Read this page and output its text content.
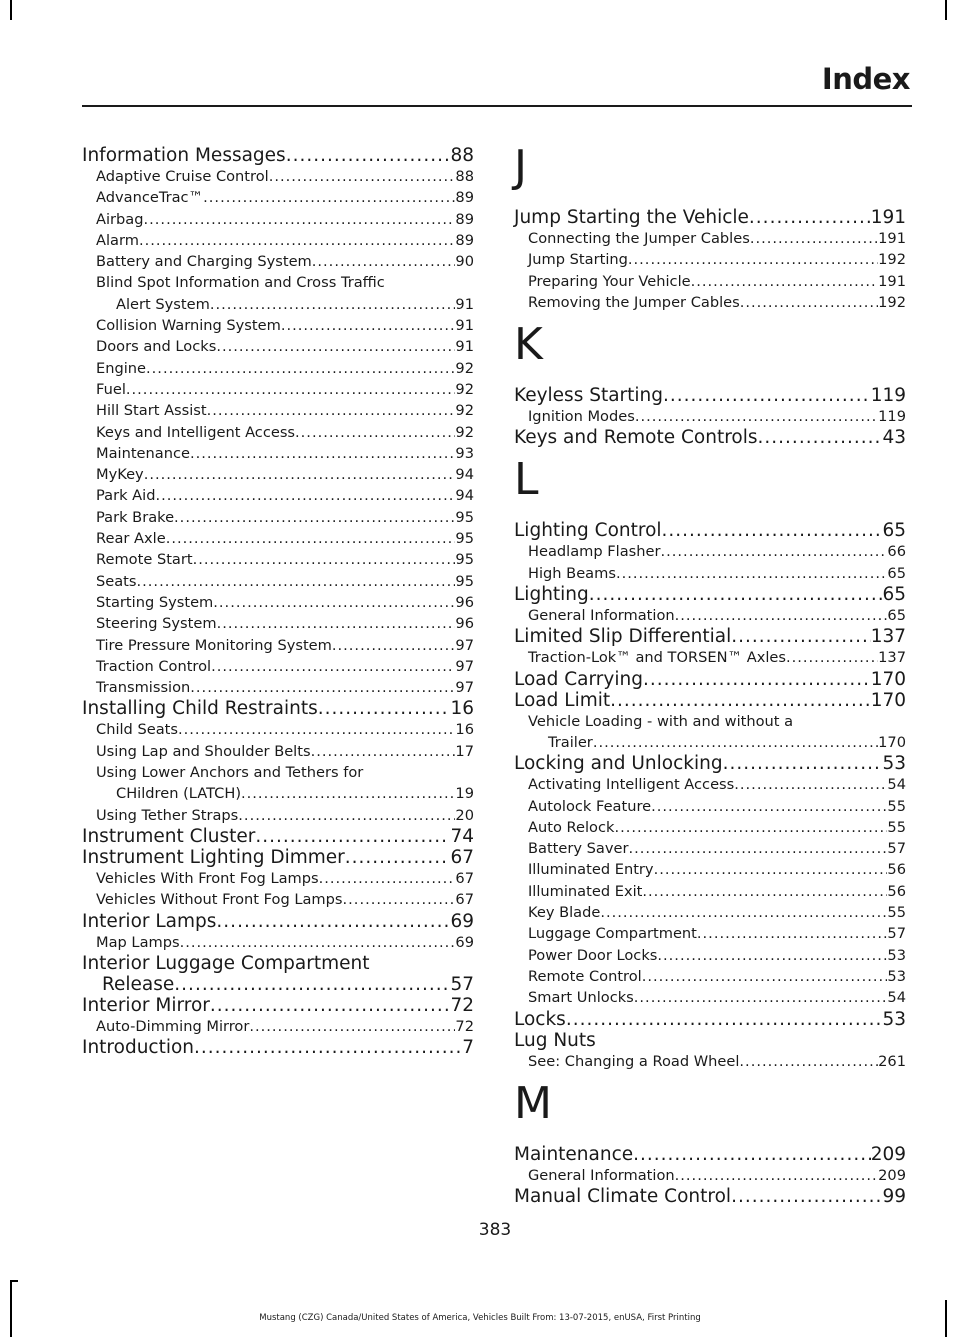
Index
Information Messages .....	88
Adaptive Cruise Control .....	88
AdvanceTrac™ .....	89
Airbag .....	89
Alarm .....	89
Battery and Charging System .....	90
Blind Spot Information and Cross Traffic
Alert System .....	91
Collision Warning System .....	91
Doors and Locks .....	91
Engine .....	92
Fuel .....	92
Hill Start Assist .....	92
Keys and Intelligent Access .....	92
Maintenance .....	93
MyKey .....	94
Park Aid .....	94
Park Brake .....	95
Rear Axle .....	95
Remote Start .....	95
Seats .....	95
Starting System .....	96
Steering System .....	96
Tire Pressure Monitoring System .....	97
Traction Control .....	97
Transmission .....	97
Installing Child Restraints .....	16
Child Seats .....	16
Using Lap and Shoulder Belts .....	17
Using Lower Anchors and Tethers for
CHildren (LATCH) .....	19
Using Tether Straps .....	20
Instrument Cluster .....	74
Instrument Lighting Dimmer .....	67
Vehicles With Front Fog Lamps .....	67
Vehicles Without Front Fog Lamps .....	67
Interior Lamps .....	69
Map Lamps .....	69
Interior Luggage Compartment
Release .....	57
Interior Mirror .....	72
Auto-Dimming Mirror .....	72
Introduction .....	7
J
Jump Starting the Vehicle .....	191
Connecting the Jumper Cables .....	191
Jump Starting .....	192
Preparing Your Vehicle .....	191
Removing the Jumper Cables .....	192
K
Keyless Starting .....	119
Ignition Modes .....	119
Keys and Remote Controls .....	43
L
Lighting Control .....	65
Headlamp Flasher .....	66
High Beams .....	65
Lighting .....	65
General Information .....	65
Limited Slip Differential .....	137
Traction-Lok™ and TORSEN™ Axles .....	137
Load Carrying .....	170
Load Limit .....	170
Vehicle Loading - with and without a
Trailer .....	170
Locking and Unlocking .....	53
Activating Intelligent Access .....	54
Autolock Feature .....	55
Auto Relock .....	55
Battery Saver .....	57
Illuminated Entry .....	56
Illuminated Exit .....	56
Key Blade .....	55
Luggage Compartment .....	57
Power Door Locks .....	53
Remote Control .....	53
Smart Unlocks .....	54
Locks .....	53
Lug Nuts
See: Changing a Road Wheel .....	261
M
Maintenance .....	209
General Information .....	209
Manual Climate Control .....	99
383
Mustang (CZG) Canada/United States of America, Vehicles Built From: 13-07-2015, enUSA, First Printing
